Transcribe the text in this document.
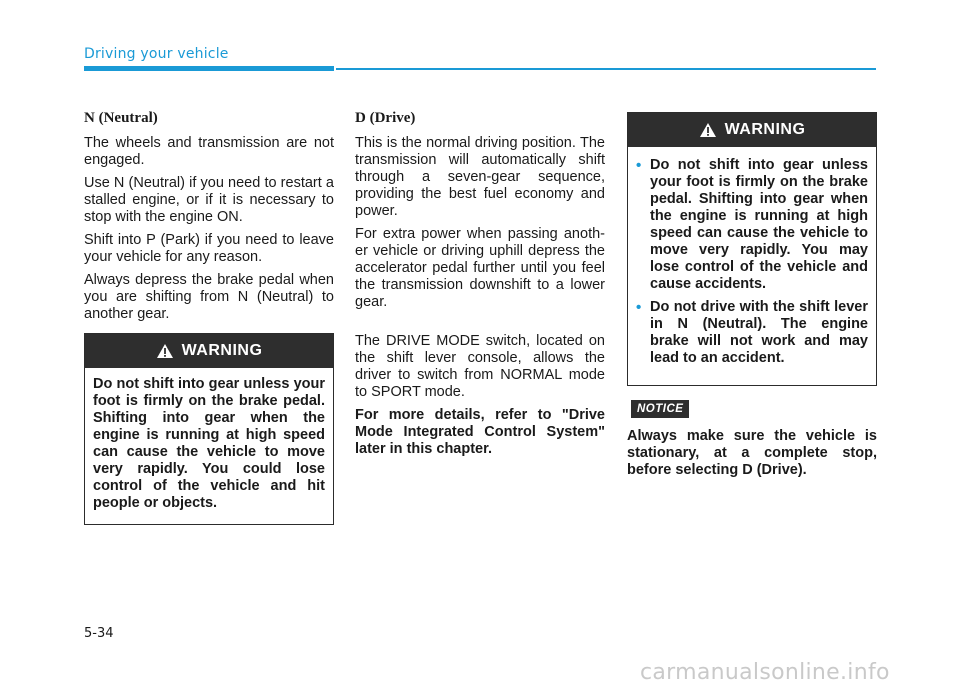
Driving your vehicle
N (Neutral)

The wheels and transmission are not engaged.

Use N (Neutral) if you need to restart a stalled engine, or if it is necessary to stop with the engine ON.

Shift into P (Park) if you need to leave your vehicle for any reason.

Always depress the brake pedal when you are shifting from N (Neutral) to another gear.

WARNING
Do not shift into gear unless your foot is firmly on the brake pedal. Shifting into gear when the engine is running at high speed can cause the vehicle to move very rapidly. You could lose control of the vehicle and hit people or objects.
D (Drive)

This is the normal driving position. The transmission will automatically shift through a seven-gear sequence, providing the best fuel economy and power.

For extra power when passing anoth-er vehicle or driving uphill depress the accelerator pedal further until you feel the transmission downshift to a lower gear.

The DRIVE MODE switch, located on the shift lever console, allows the driver to switch from NORMAL mode to SPORT mode.

For more details, refer to "Drive Mode Integrated Control System" later in this chapter.

WARNING
• Do not shift into gear unless your foot is firmly on the brake pedal. Shifting into gear when the engine is running at high speed can cause the vehicle to move very rapidly. You may lose control of the vehicle and cause accidents.
• Do not drive with the shift lever in N (Neutral). The engine brake will not work and may lead to an accident.
NOTICE

Always make sure the vehicle is stationary, at a complete stop, before selecting D (Drive).

5-34
carmanualsonline.info
